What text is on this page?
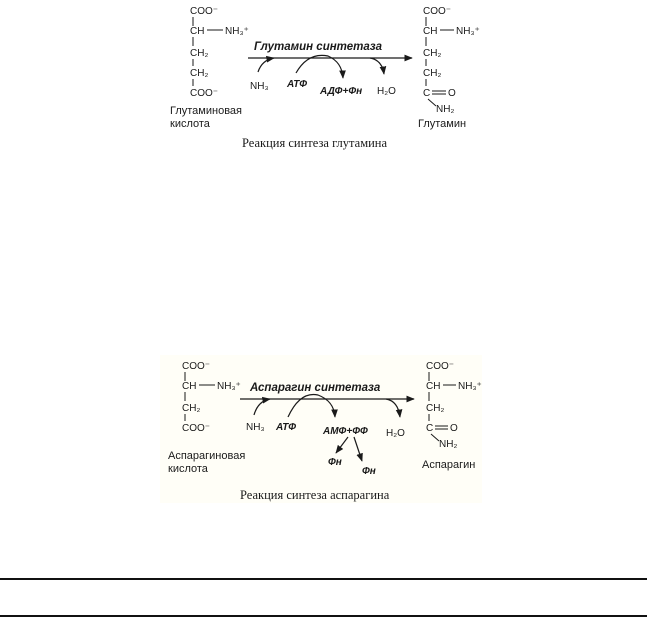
COO⁻
CH NH₃⁺
CH₂
CH₂
COO⁻
Глутаминовая
кислота
Глутамин синтетаза
NH₃ АТФ
АДФ+Фн H₂O
COO⁻
CH NH₃⁺
CH₂
CH₂
C O
NH₂
Глутамин
Реакция синтеза глутамина
COO⁻
CH NH₃⁺
CH₂
COO⁻
Аспарагиновая
кислота
Аспарагин синтетаза
NH₃ АТФ	АМФ+ФФ H₂O
Фн
Фн
COO⁻
CH NH₃⁺
CH₂
C O
NH₂
Аспарагин
Реакция синтеза аспарагина
